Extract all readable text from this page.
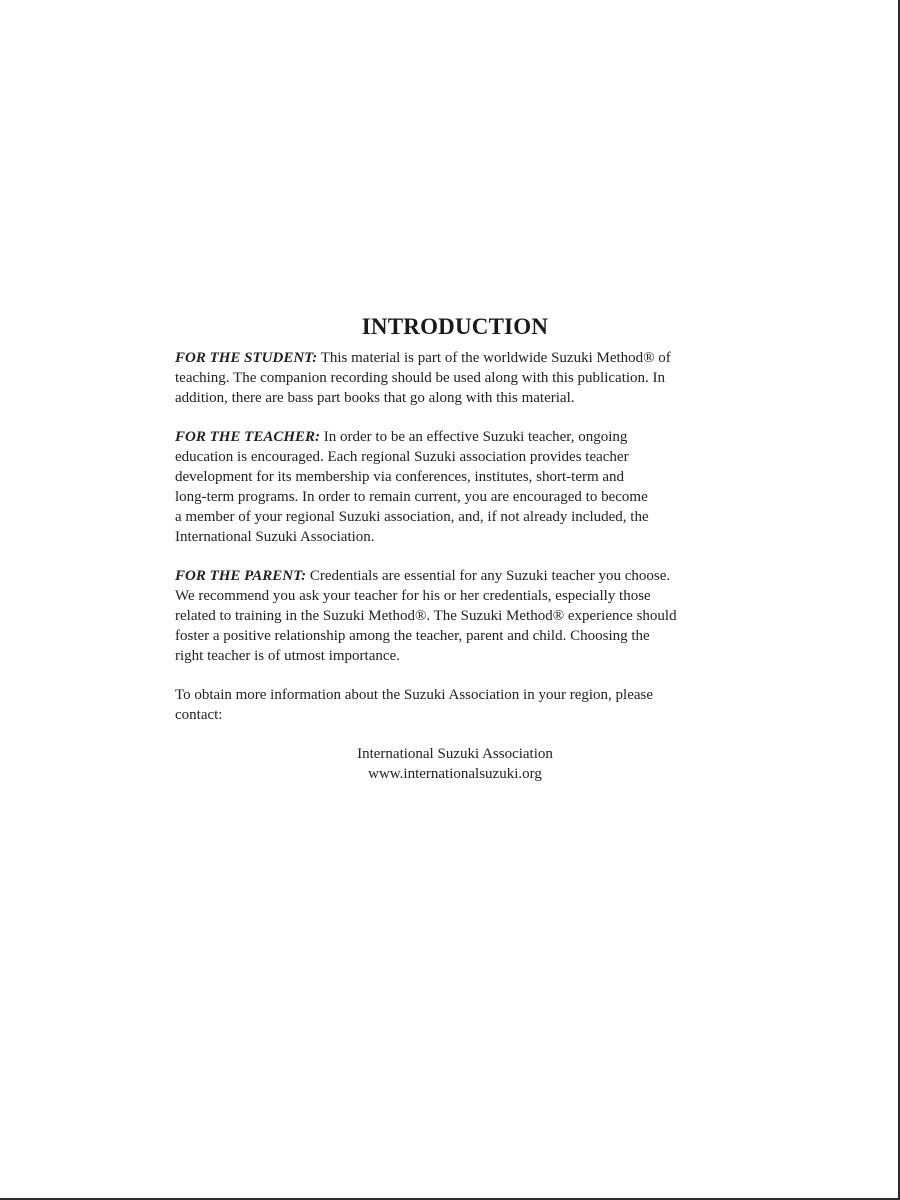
INTRODUCTION

FOR THE STUDENT: This material is part of the worldwide Suzuki Method® of
teaching. The companion recording should be used along with this publication. In
addition, there are bass part books that go along with this material.

FOR THE TEACHER: In order to be an effective Suzuki teacher, ongoing
education is encouraged. Each regional Suzuki association provides teacher
development for its membership via conferences, institutes, short-term and
long-term programs. In order to remain current, you are encouraged to become
a member of your regional Suzuki association, and, if not already included, the
International Suzuki Association.

FOR THE PARENT: Credentials are essential for any Suzuki teacher you choose.
We recommend you ask your teacher for his or her credentials, especially those
related to training in the Suzuki Method®. The Suzuki Method® experience should
foster a positive relationship among the teacher, parent and child. Choosing the
right teacher is of utmost importance.

To obtain more information about the Suzuki Association in your region, please
contact:

International Suzuki Association
www.internationalsuzuki.org
